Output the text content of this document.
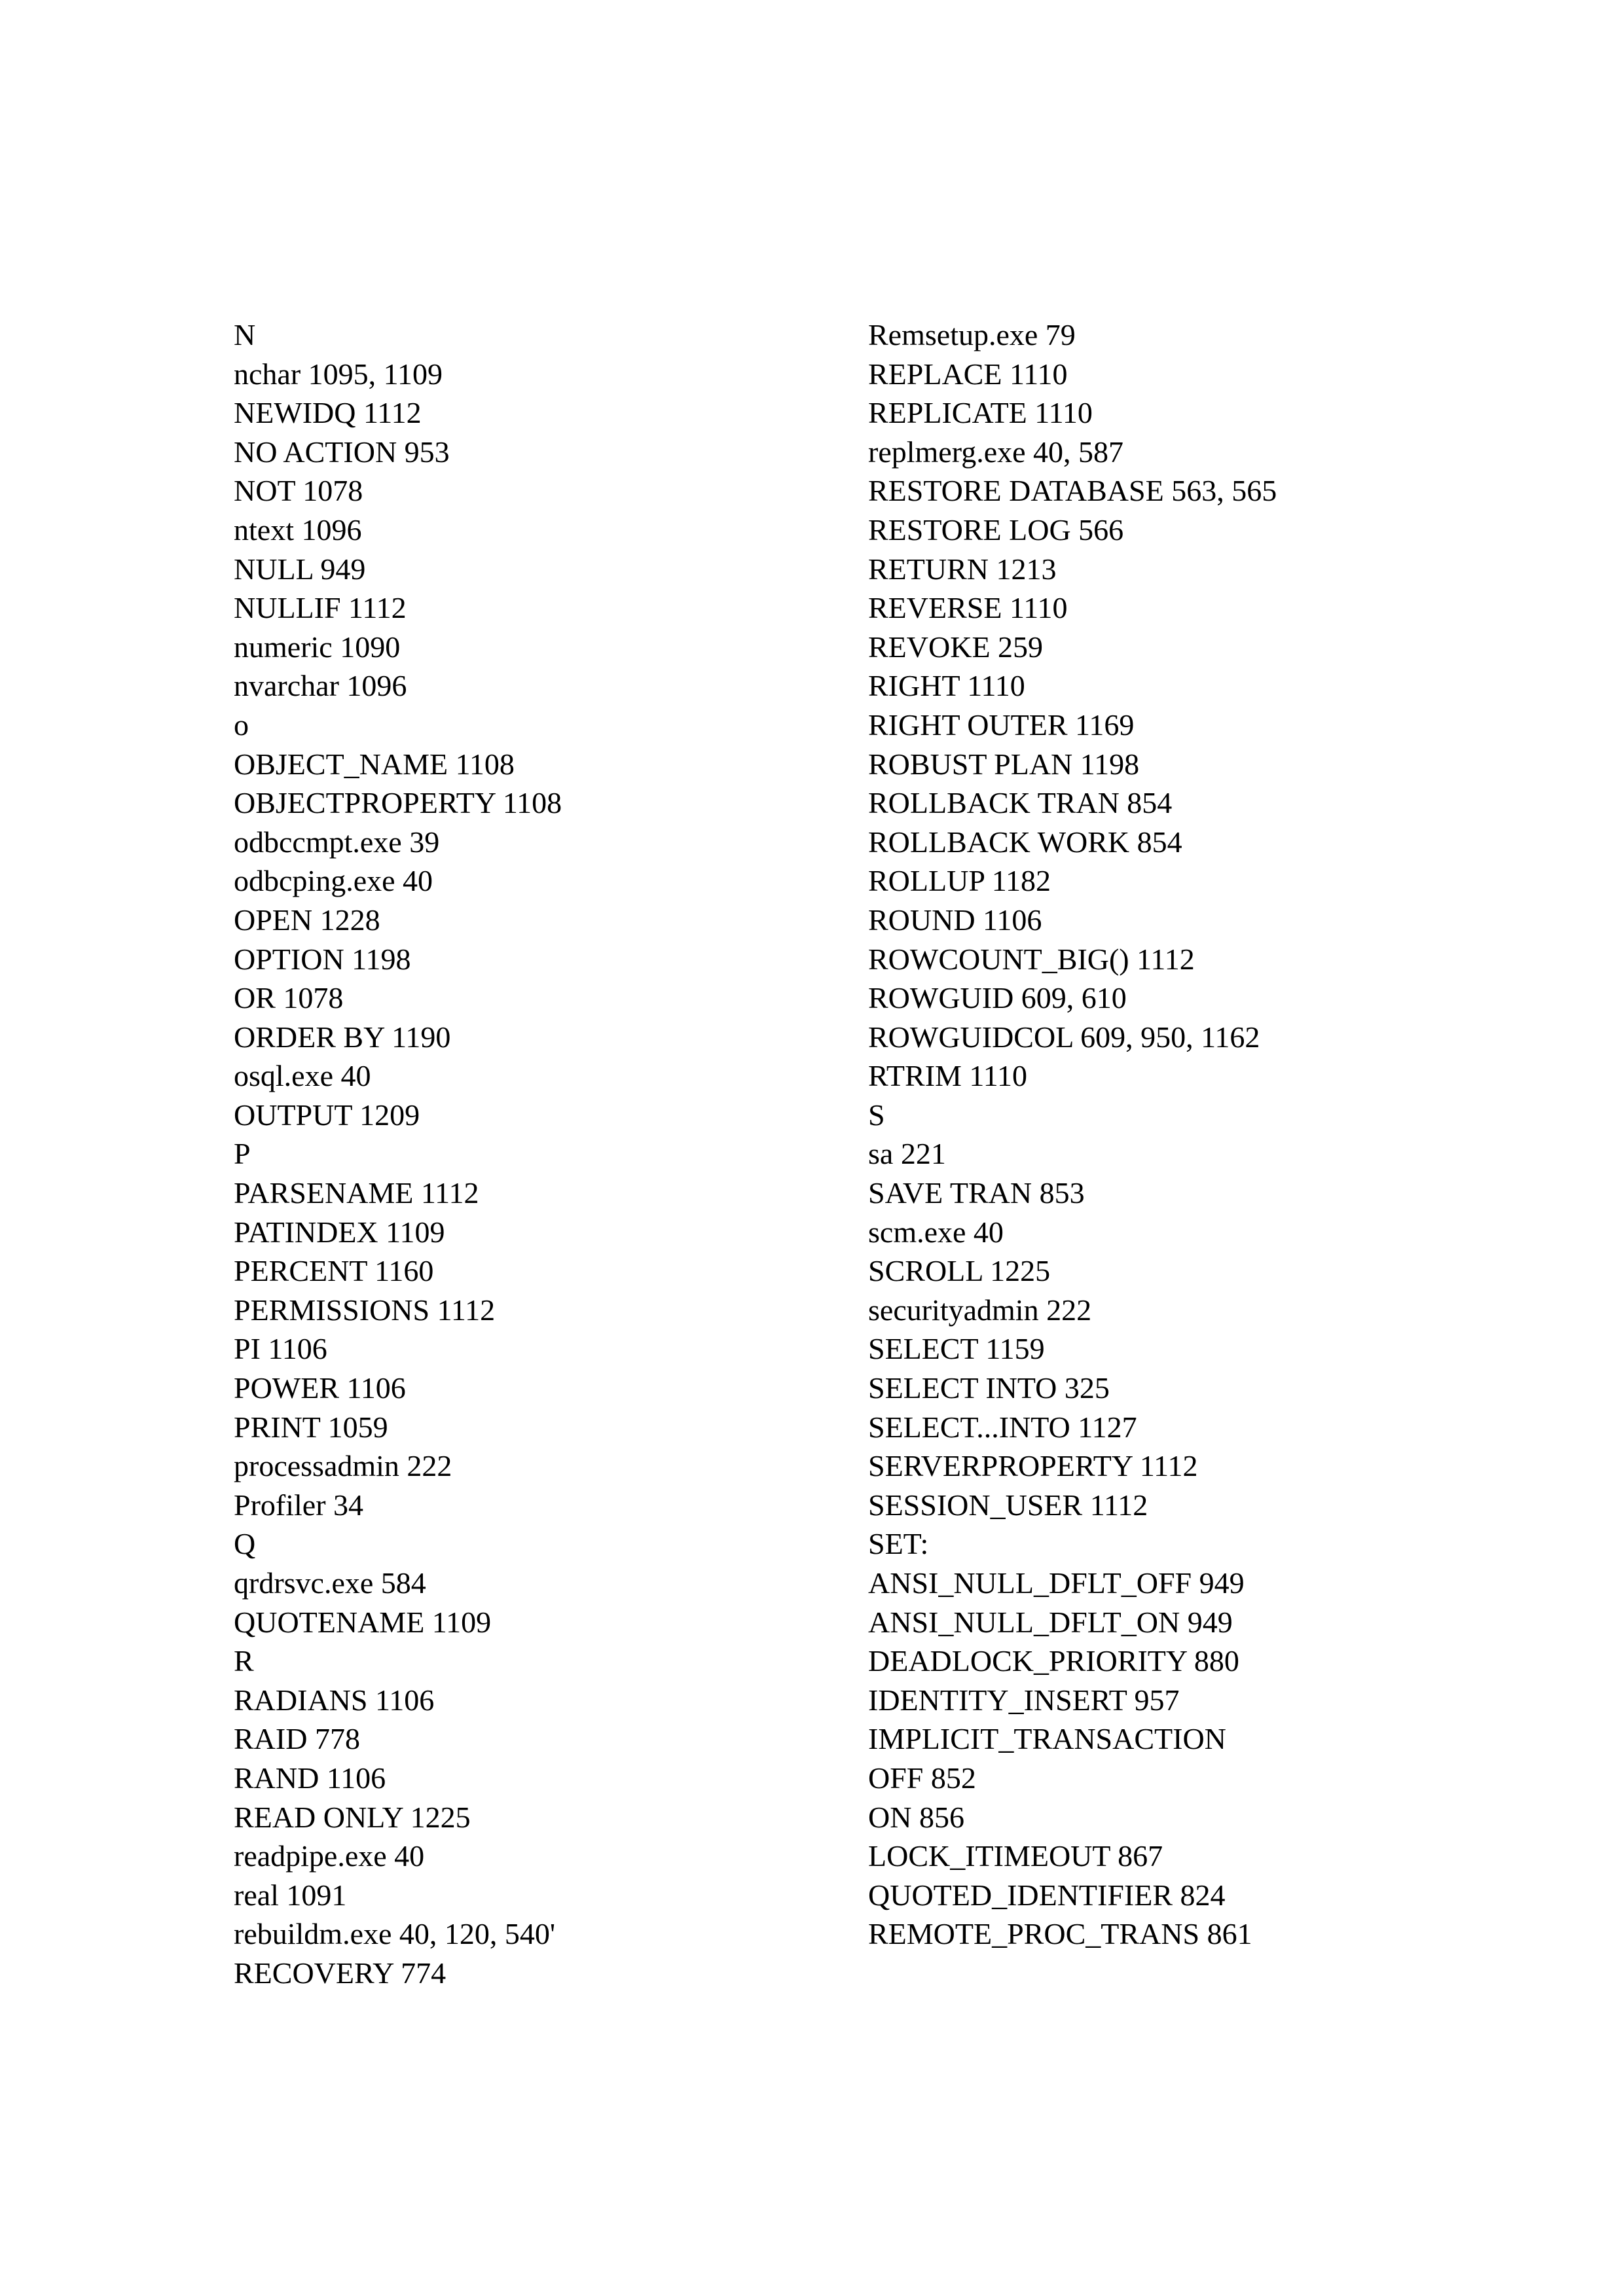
N
nchar 1095, 1109
NEWIDQ 1112
NO ACTION 953
NOT 1078
ntext 1096
NULL 949
NULLIF 1112
numeric 1090
nvarchar 1096
o
OBJECT_NAME 1108
OBJECTPROPERTY 1108
odbccmpt.exe 39
odbcping.exe 40
OPEN 1228
OPTION 1198
OR 1078
ORDER BY 1190
osql.exe 40
OUTPUT 1209
P
PARSENAME 1112
PATINDEX 1109
PERCENT 1160
PERMISSIONS 1112
PI 1106
POWER 1106
PRINT 1059
processadmin 222
Profiler 34
Q
qrdrsvc.exe 584
QUOTENAME 1109
R
RADIANS 1106
RAID 778
RAND 1106
READ ONLY 1225
readpipe.exe 40
real 1091
rebuildm.exe 40, 120, 540'
RECOVERY 774
Remsetup.exe 79
REPLACE 1110
REPLICATE 1110
replmerg.exe 40, 587
RESTORE DATABASE 563, 565
RESTORE LOG 566
RETURN 1213
REVERSE 1110
REVOKE 259
RIGHT 1110
RIGHT OUTER 1169
ROBUST PLAN 1198
ROLLBACK TRAN 854
ROLLBACK WORK 854
ROLLUP 1182
ROUND 1106
ROWCOUNT_BIG() 1112
ROWGUID 609, 610
ROWGUIDCOL 609, 950, 1162
RTRIM 1110
S
sa 221
SAVE TRAN 853
scm.exe 40
SCROLL 1225
securityadmin 222
SELECT 1159
SELECT INTO 325
SELECT...INTO 1127
SERVERPROPERTY 1112
SESSION_USER 1112
SET:
ANSI_NULL_DFLT_OFF 949
ANSI_NULL_DFLT_ON 949
DEADLOCK_PRIORITY 880
IDENTITY_INSERT 957
IMPLICIT_TRANSACTION
OFF 852
ON 856
LOCK_ITIMEOUT 867
QUOTED_IDENTIFIER 824
REMOTE_PROC_TRANS 861
